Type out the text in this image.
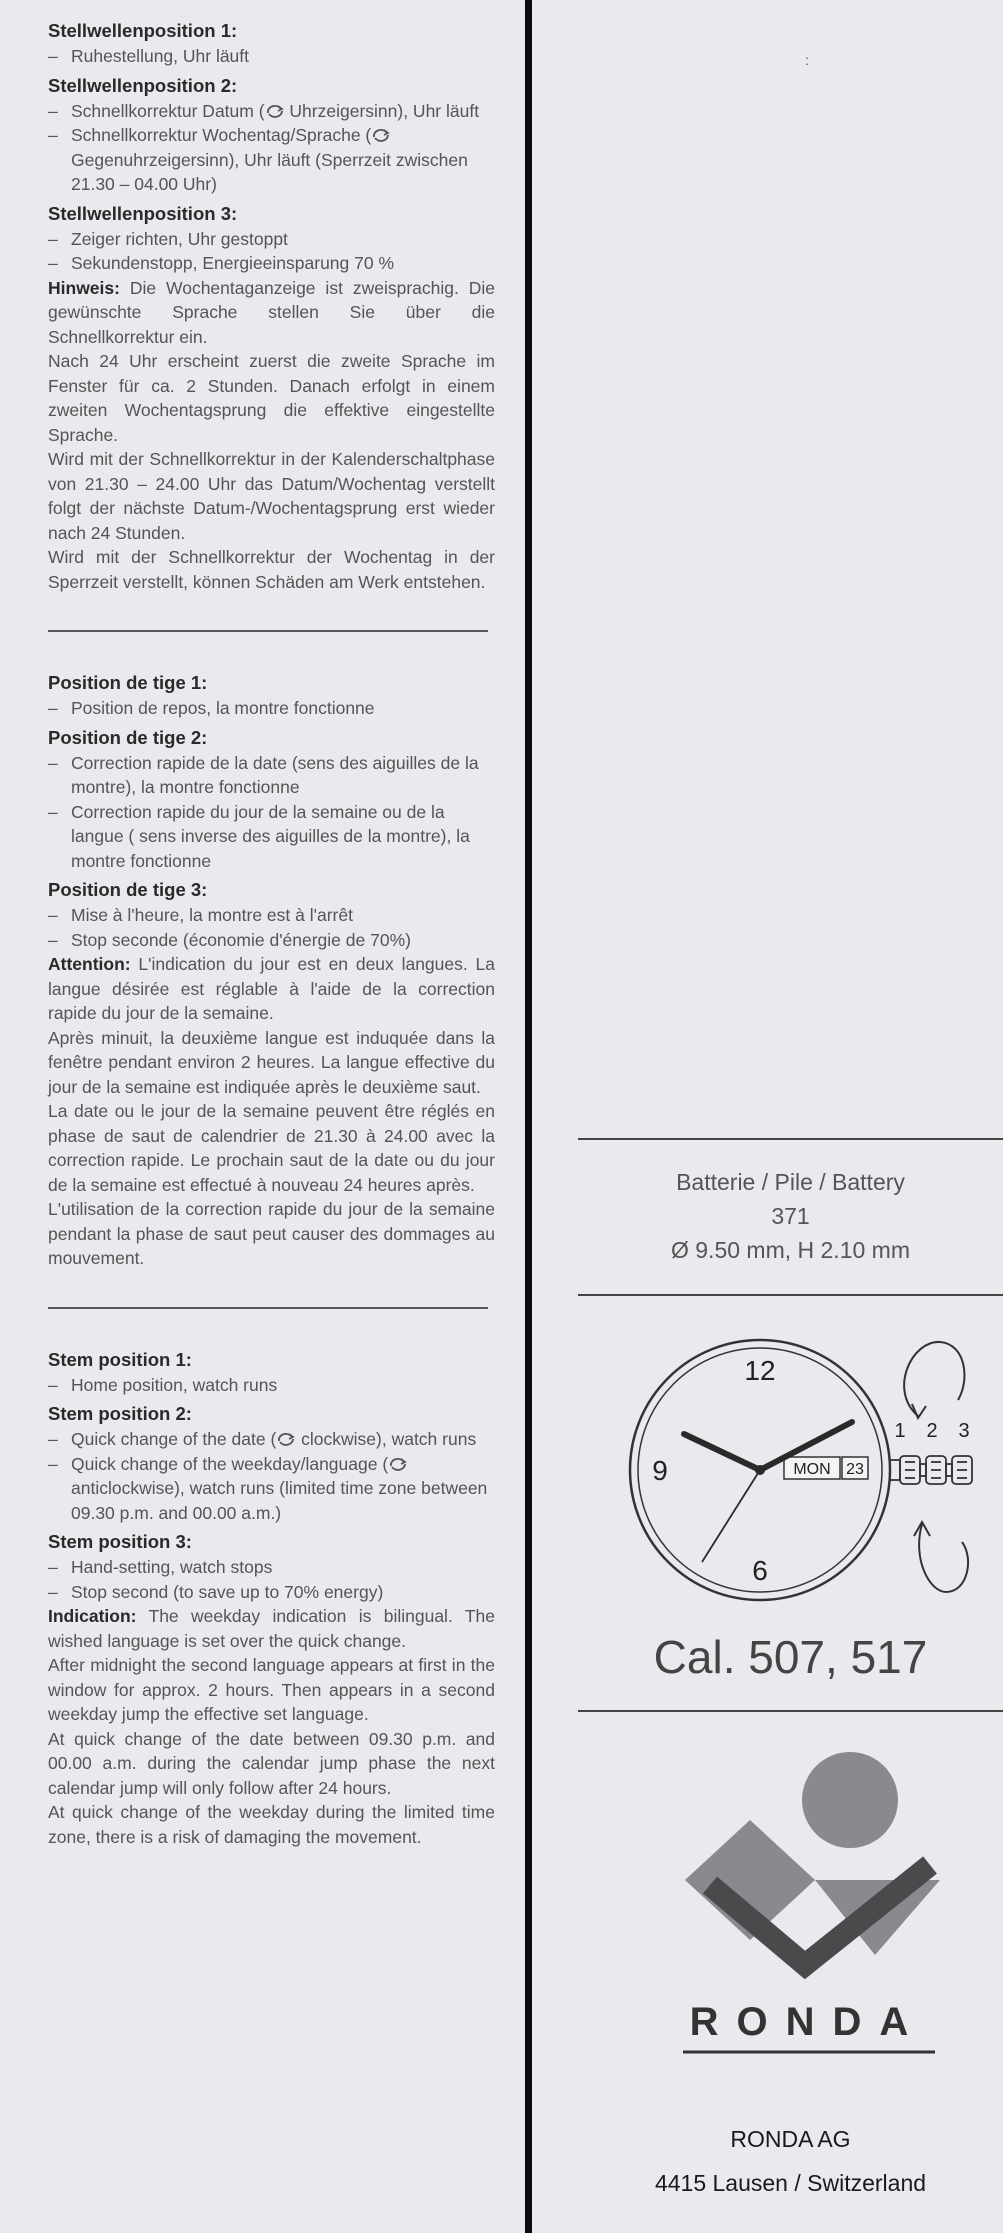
Stellwellenposition 1:
– Ruhestellung, Uhr läuft
Stellwellenposition 2:
– Schnellkorrektur Datum ( Uhrzeigersinn), Uhr läuft
– Schnellkorrektur Wochentag/Sprache ( Gegenuhrzeigersinn), Uhr läuft (Sperrzeit zwischen 21.30 – 04.00 Uhr)
Stellwellenposition 3:
– Zeiger richten, Uhr gestoppt
– Sekundenstopp, Energieeinsparung 70 %
Hinweis: Die Wochentaganzeige ist zweisprachig. Die gewünschte Sprache stellen Sie über die Schnellkorrektur ein.
Nach 24 Uhr erscheint zuerst die zweite Sprache im Fenster für ca. 2 Stunden. Danach erfolgt in einem zweiten Wochentagsprung die effektive eingestellte Sprache.
Wird mit der Schnellkorrektur in der Kalenderschaltphase von 21.30 – 24.00 Uhr das Datum/Wochentag verstellt folgt der nächste Datum-/Wochentagsprung erst wieder nach 24 Stunden.
Wird mit der Schnellkorrektur der Wochentag in der Sperrzeit verstellt, können Schäden am Werk entstehen.
Position de tige 1:
– Position de repos, la montre fonctionne
Position de tige 2:
– Correction rapide de la date (sens des aiguilles de la montre), la montre fonctionne
– Correction rapide du jour de la semaine ou de la langue ( sens inverse des aiguilles de la montre), la montre fonctionne
Position de tige 3:
– Mise à l'heure, la montre est à l'arrêt
– Stop seconde (économie d'énergie de 70%)
Attention: L'indication du jour est en deux langues. La langue désirée est réglable à l'aide de la correction rapide du jour de la semaine.
Après minuit, la deuxième langue est induquée dans la fenêtre pendant environ 2 heures. La langue effective du jour de la semaine est indiquée après le deuxième saut.
La date ou le jour de la semaine peuvent être réglés en phase de saut de calendrier de 21.30 à 24.00 avec la correction rapide. Le prochain saut de la date ou du jour de la semaine est effectué à nouveau 24 heures après.
L'utilisation de la correction rapide du jour de la semaine pendant la phase de saut peut causer des dommages au mouvement.
Stem position 1:
– Home position, watch runs
Stem position 2:
– Quick change of the date ( clockwise), watch runs
– Quick change of the weekday/language ( anticlockwise), watch runs (limited time zone between 09.30 p.m. and 00.00 a.m.)
Stem position 3:
– Hand-setting, watch stops
– Stop second (to save up to 70% energy)
Indication: The weekday indication is bilingual. The wished language is set over the quick change.
After midnight the second language appears at first in the window for approx. 2 hours. Then appears in a second weekday jump the effective set language.
At quick change of the date between 09.30 p.m. and 00.00 a.m. during the calendar jump phase the next calendar jump will only follow after 24 hours.
At quick change of the weekday during the limited time zone, there is a risk of damaging the movement.
:
Batterie / Pile / Battery
371
Ø 9.50 mm, H 2.10 mm
12
9
6
MON 23
1 2 3
Cal. 507, 517
RONDA
RONDA AG
4415 Lausen / Switzerland
